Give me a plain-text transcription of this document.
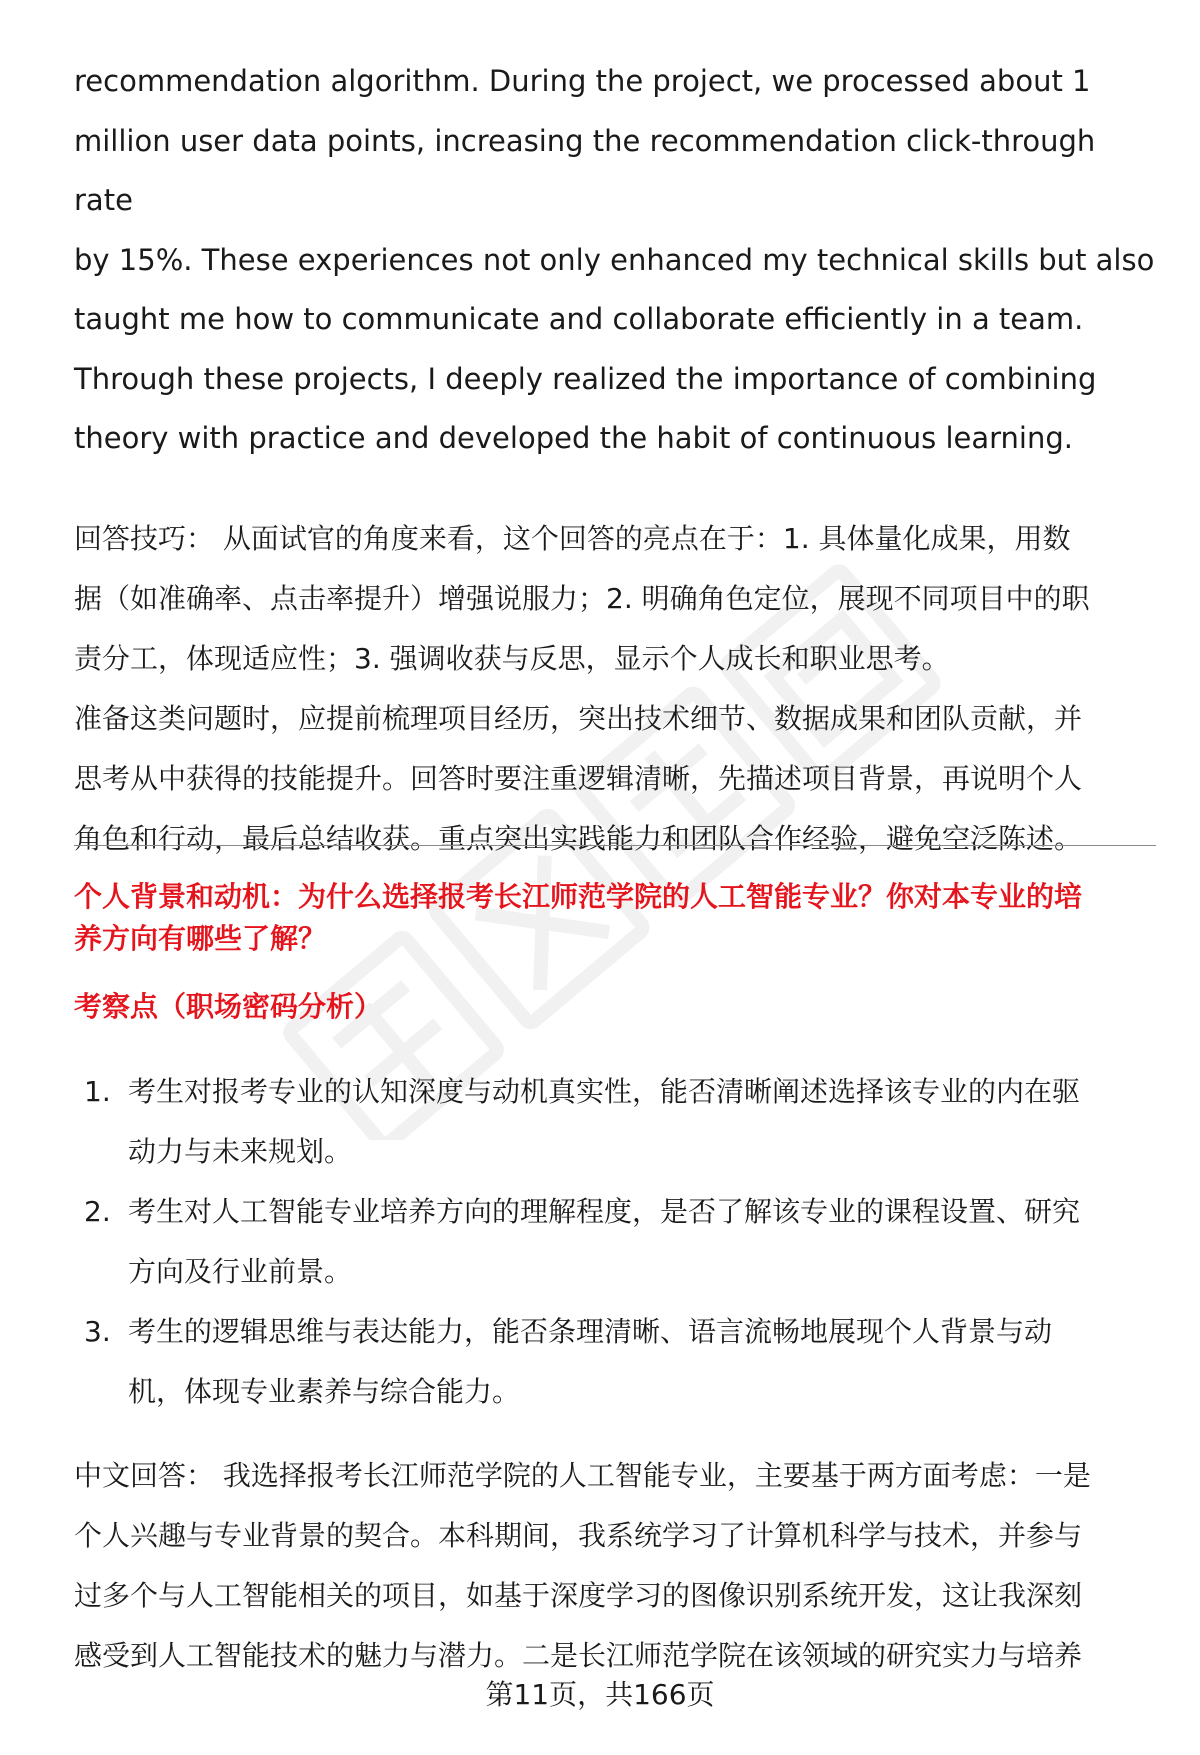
recommendation algorithm. During the project, we processed about 1
million user data points, increasing the recommendation click-through rate
by 15%. These experiences not only enhanced my technical skills but also
taught me how to communicate and collaborate efficiently in a team.
Through these projects, I deeply realized the importance of combining
theory with practice and developed the habit of continuous learning.

回答技巧： 从面试官的角度来看，这个回答的亮点在于：1. 具体量化成果，用数
据（如准确率、点击率提升）增强说服力；2. 明确角色定位，展现不同项目中的职
责分工，体现适应性；3. 强调收获与反思，显示个人成长和职业思考。
准备这类问题时，应提前梳理项目经历，突出技术细节、数据成果和团队贡献，并
思考从中获得的技能提升。回答时要注重逻辑清晰，先描述项目背景，再说明个人
角色和行动，最后总结收获。重点突出实践能力和团队合作经验，避免空泛陈述。

个人背景和动机：为什么选择报考长江师范学院的人工智能专业？你对本专业的培
养方向有哪些了解？

考察点（职场密码分析）

1. 考生对报考专业的认知深度与动机真实性，能否清晰阐述选择该专业的内在驱
动力与未来规划。
2. 考生对人工智能专业培养方向的理解程度，是否了解该专业的课程设置、研究
方向及行业前景。
3. 考生的逻辑思维与表达能力，能否条理清晰、语言流畅地展现个人背景与动
机，体现专业素养与综合能力。

中文回答： 我选择报考长江师范学院的人工智能专业，主要基于两方面考虑：一是
个人兴趣与专业背景的契合。本科期间，我系统学习了计算机科学与技术，并参与
过多个与人工智能相关的项目，如基于深度学习的图像识别系统开发，这让我深刻
感受到人工智能技术的魅力与潜力。二是长江师范学院在该领域的研究实力与培养

第11页，共166页
